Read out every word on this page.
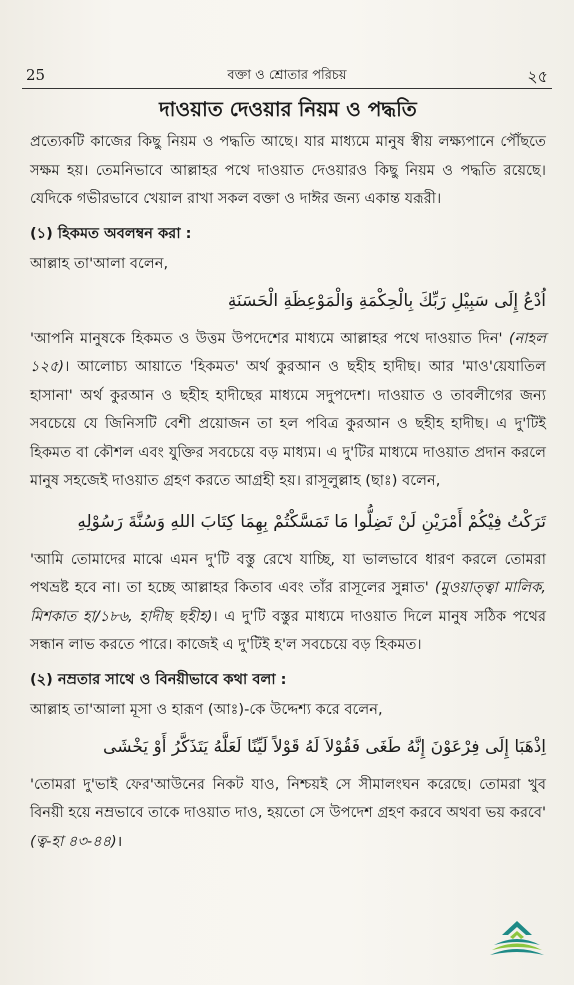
25	বক্তা ও শ্রোতার পরিচয়	২৫
দাওয়াত দেওয়ার নিয়ম ও পদ্ধতি

প্রত্যেকটি কাজের কিছু নিয়ম ও পদ্ধতি আছে। যার মাধ্যমে মানুষ স্বীয় লক্ষ্যপানে পৌঁছতে সক্ষম হয়। তেমনিভাবে আল্লাহর পথে দাওয়াত দেওয়ারও কিছু নিয়ম ও পদ্ধতি রয়েছে। যেদিকে গভীরভাবে খেয়াল রাখা সকল বক্তা ও দাঈর জন্য একান্ত যরূরী।

(১) হিকমত অবলম্বন করা :

আল্লাহ তা'আলা বলেন,

اُدْعُ إِلَى سَبِيْلِ رَبِّكَ بِالْحِكْمَةِ وَالْمَوْعِظَةِ الْحَسَنَةِ

'আপনি মানুষকে হিকমত ও উত্তম উপদেশের মাধ্যমে আল্লাহর পথে দাওয়াত দিন' (নাহল ১২৫)। আলোচ্য আয়াতে 'হিকমত' অর্থ কুরআন ও ছহীহ হাদীছ। আর 'মাও'য়েযাতিল হাসানা' অর্থ কুরআন ও ছহীহ হাদীছের মাধ্যমে সদুপদেশ। দাওয়াত ও তাবলীগের জন্য সবচেয়ে যে জিনিসটি বেশী প্রয়োজন তা হল পবিত্র কুরআন ও ছহীহ হাদীছ। এ দু'টিই হিকমত বা কৌশল এবং যুক্তির সবচেয়ে বড় মাধ্যম। এ দু'টির মাধ্যমে দাওয়াত প্রদান করলে মানুষ সহজেই দাওয়াত গ্রহণ করতে আগ্রহী হয়। রাসূলুল্লাহ (ছাঃ) বলেন,

تَرَكْتُ فِيْكُمْ أَمْرَيْنِ لَنْ تَضِلُّوا مَا تَمَسَّكْتُمْ بِهِمَا كِتَابَ اللهِ وَسُنَّةَ رَسُوْلِهِ

'আমি তোমাদের মাঝে এমন দু'টি বস্তু রেখে যাচ্ছি, যা ভালভাবে ধারণ করলে তোমরা পথভ্রষ্ট হবে না। তা হচ্ছে আল্লাহর কিতাব এবং তাঁর রাসূলের সুন্নাত' (মুওয়াত্ত্বা মালিক, মিশকাত হা/১৮৬, হাদীছ ছহীহ)। এ দু'টি বস্তুর মাধ্যমে দাওয়াত দিলে মানুষ সঠিক পথের সন্ধান লাভ করতে পারে। কাজেই এ দু'টিই হ'ল সবচেয়ে বড় হিকমত।

(২) নম্রতার সাথে ও বিনয়ীভাবে কথা বলা :

আল্লাহ তা'আলা মূসা ও হারূণ (আঃ)-কে উদ্দেশ্য করে বলেন,

اِذْهَبَا إِلَى فِرْعَوْنَ إِنَّهُ طَغَى فَقُوْلاَ لَهُ قَوْلاً لَيِّنًا لَعَلَّهُ يَتَذَكَّرُ أَوْ يَخْشَى

'তোমরা দু'ভাই ফের'আউনের নিকট যাও, নিশ্চয়ই সে সীমালংঘন করেছে। তোমরা খুব বিনয়ী হয়ে নম্রভাবে তাকে দাওয়াত দাও, হয়তো সে উপদেশ গ্রহণ করবে অথবা ভয় করবে' (ত্ব-হা ৪৩-৪৪)।
